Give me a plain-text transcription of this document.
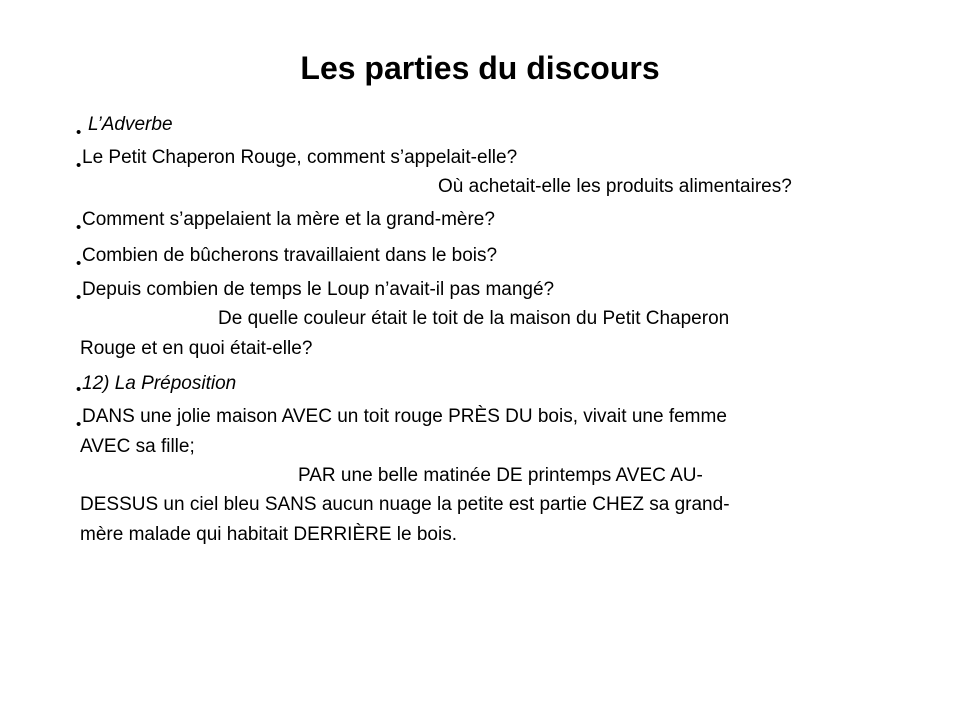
Les parties du discours
• L’Adverbe
• Le Petit Chaperon Rouge, comment s’appelait-elle?
Où achetait-elle les produits alimentaires?
• Comment s’appelaient la mère et la grand-mère?
• Combien de bûcherons travaillaient dans le bois?
• Depuis combien de temps le Loup n’avait-il pas mangé?
De quelle couleur était le toit de la maison du Petit Chaperon
Rouge et en quoi était-elle?
• 12) La Préposition
• DANS une jolie maison AVEC un toit rouge PRÈS DU bois, vivait une femme
AVEC sa fille;
PAR une belle matinée DE printemps AVEC AU-
DESSUS un ciel bleu SANS aucun nuage la petite est partie CHEZ sa grand-
mère malade qui habitait DERRIÈRE le bois.
